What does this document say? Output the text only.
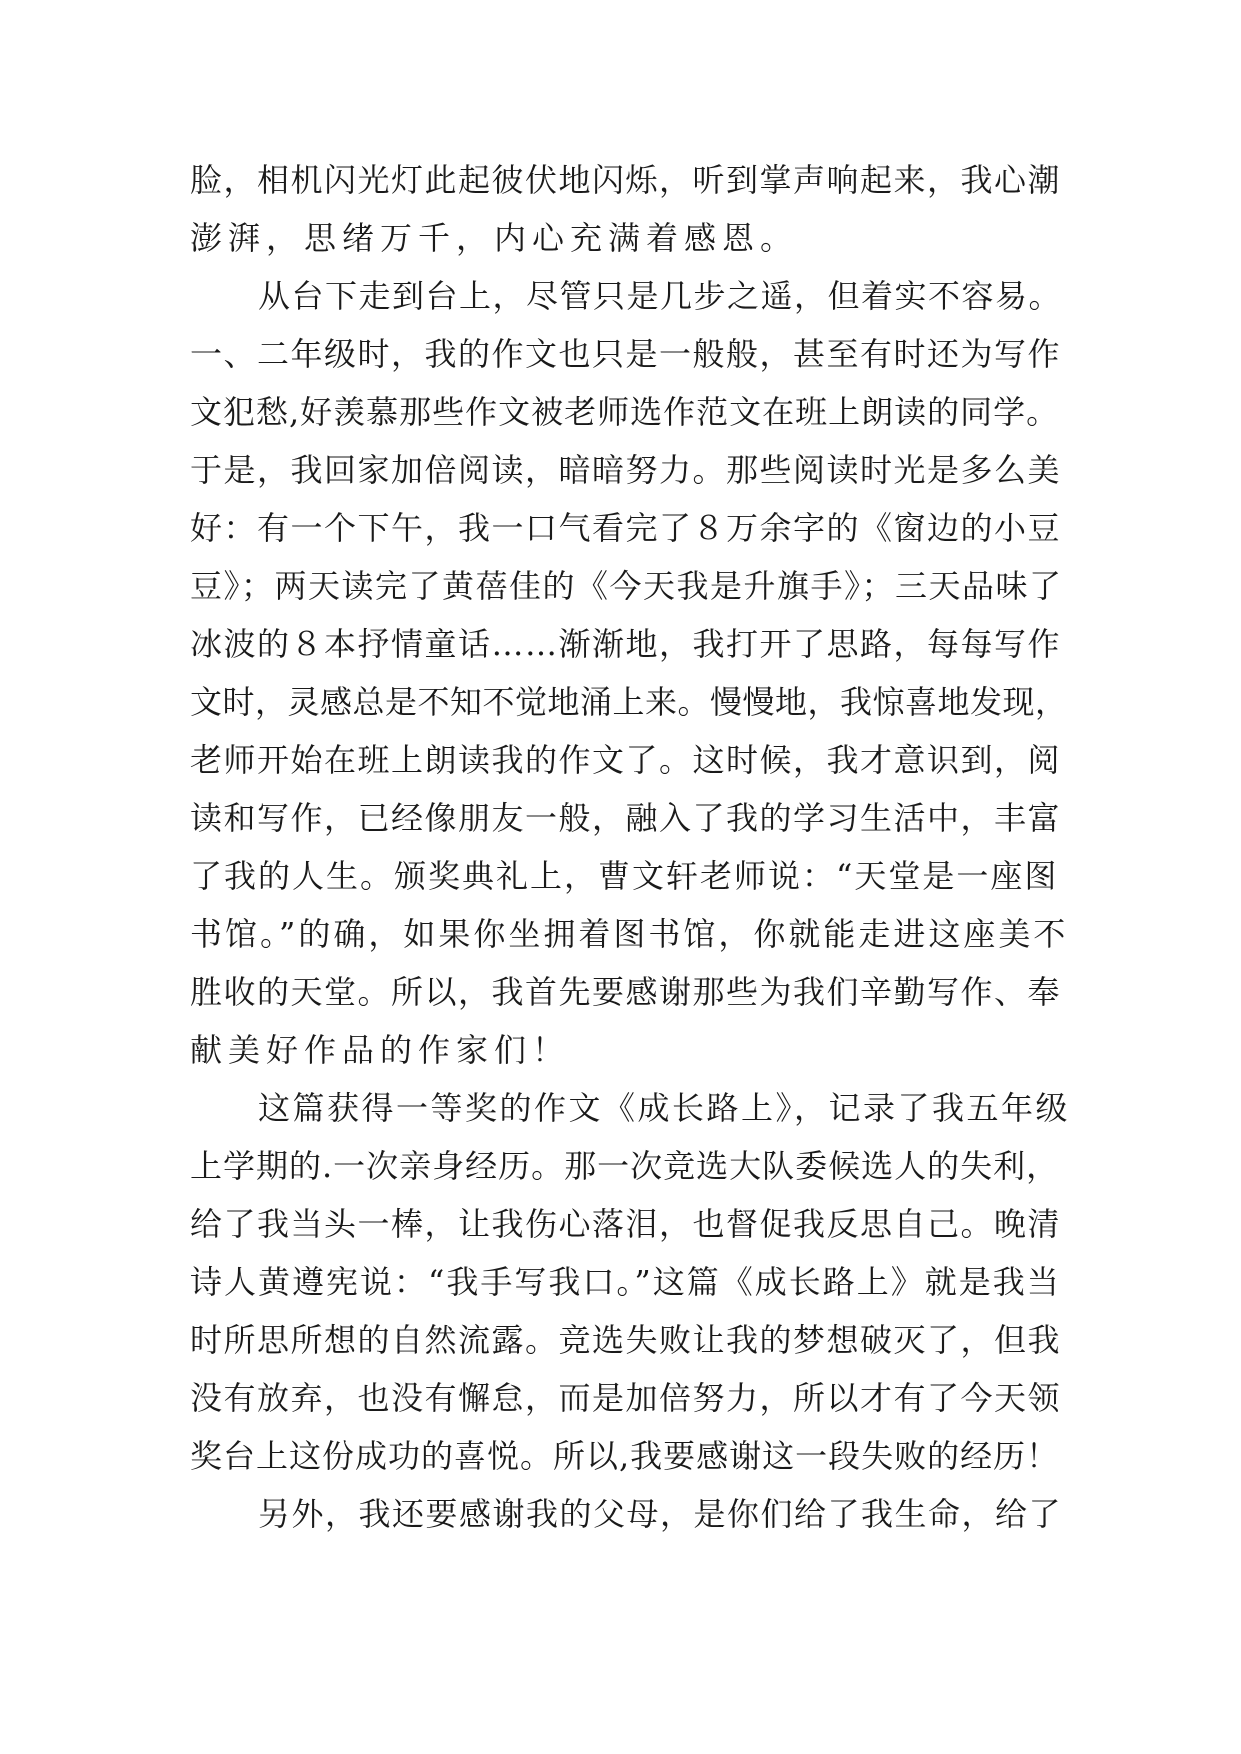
脸，相机闪光灯此起彼伏地闪烁，听到掌声响起来，我心潮
澎湃，思绪万千，内心充满着感恩。
从台下走到台上，尽管只是几步之遥，但着实不容易。
一、二年级时，我的作文也只是一般般，甚至有时还为写作
文犯愁,好羡慕那些作文被老师选作范文在班上朗读的同学。
于是，我回家加倍阅读，暗暗努力。那些阅读时光是多么美
好：有一个下午，我一口气看完了８万余字的《窗边的小豆
豆》；两天读完了黄蓓佳的《今天我是升旗手》；三天品味了
冰波的８本抒情童话……渐渐地，我打开了思路，每每写作
文时，灵感总是不知不觉地涌上来。慢慢地，我惊喜地发现，
老师开始在班上朗读我的作文了。这时候，我才意识到，阅
读和写作，已经像朋友一般，融入了我的学习生活中，丰富
了我的人生。颁奖典礼上，曹文轩老师说：“天堂是一座图
书馆。”的确，如果你坐拥着图书馆，你就能走进这座美不
胜收的天堂。所以，我首先要感谢那些为我们辛勤写作、奉
献美好作品的作家们！
这篇获得一等奖的作文《成长路上》，记录了我五年级
上学期的.一次亲身经历。那一次竞选大队委候选人的失利，
给了我当头一棒，让我伤心落泪，也督促我反思自己。晚清
诗人黄遵宪说：“我手写我口。”这篇《成长路上》就是我当
时所思所想的自然流露。竞选失败让我的梦想破灭了，但我
没有放弃，也没有懈怠，而是加倍努力，所以才有了今天领
奖台上这份成功的喜悦。所以,我要感谢这一段失败的经历！
另外，我还要感谢我的父母，是你们给了我生命，给了
